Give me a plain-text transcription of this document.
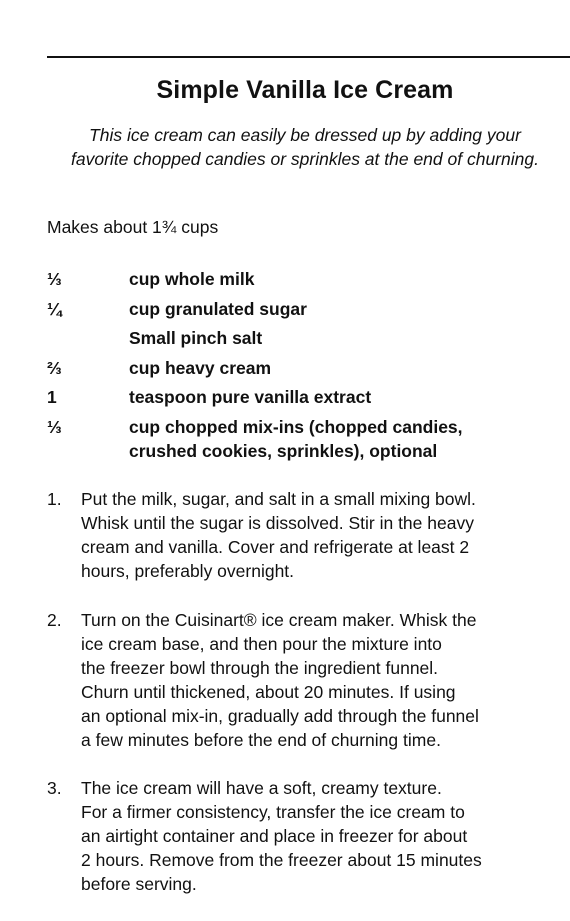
Simple Vanilla Ice Cream
This ice cream can easily be dressed up by adding your favorite chopped candies or sprinkles at the end of churning.
Makes about 1¾ cups
⅓	cup whole milk
¼	cup granulated sugar
Small pinch salt
⅔	cup heavy cream
1	teaspoon pure vanilla extract
⅓	cup chopped mix-ins (chopped candies,
crushed cookies, sprinkles), optional
1.	Put the milk, sugar, and salt in a small mixing bowl.
Whisk until the sugar is dissolved. Stir in the heavy
cream and vanilla. Cover and refrigerate at least 2
hours, preferably overnight.
2.	Turn on the Cuisinart® ice cream maker. Whisk the
ice cream base, and then pour the mixture into
the freezer bowl through the ingredient funnel.
Churn until thickened, about 20 minutes. If using
an optional mix-in, gradually add through the funnel
a few minutes before the end of churning time.
3.	The ice cream will have a soft, creamy texture.
For a firmer consistency, transfer the ice cream to
an airtight container and place in freezer for about
2 hours. Remove from the freezer about 15 minutes
before serving.
